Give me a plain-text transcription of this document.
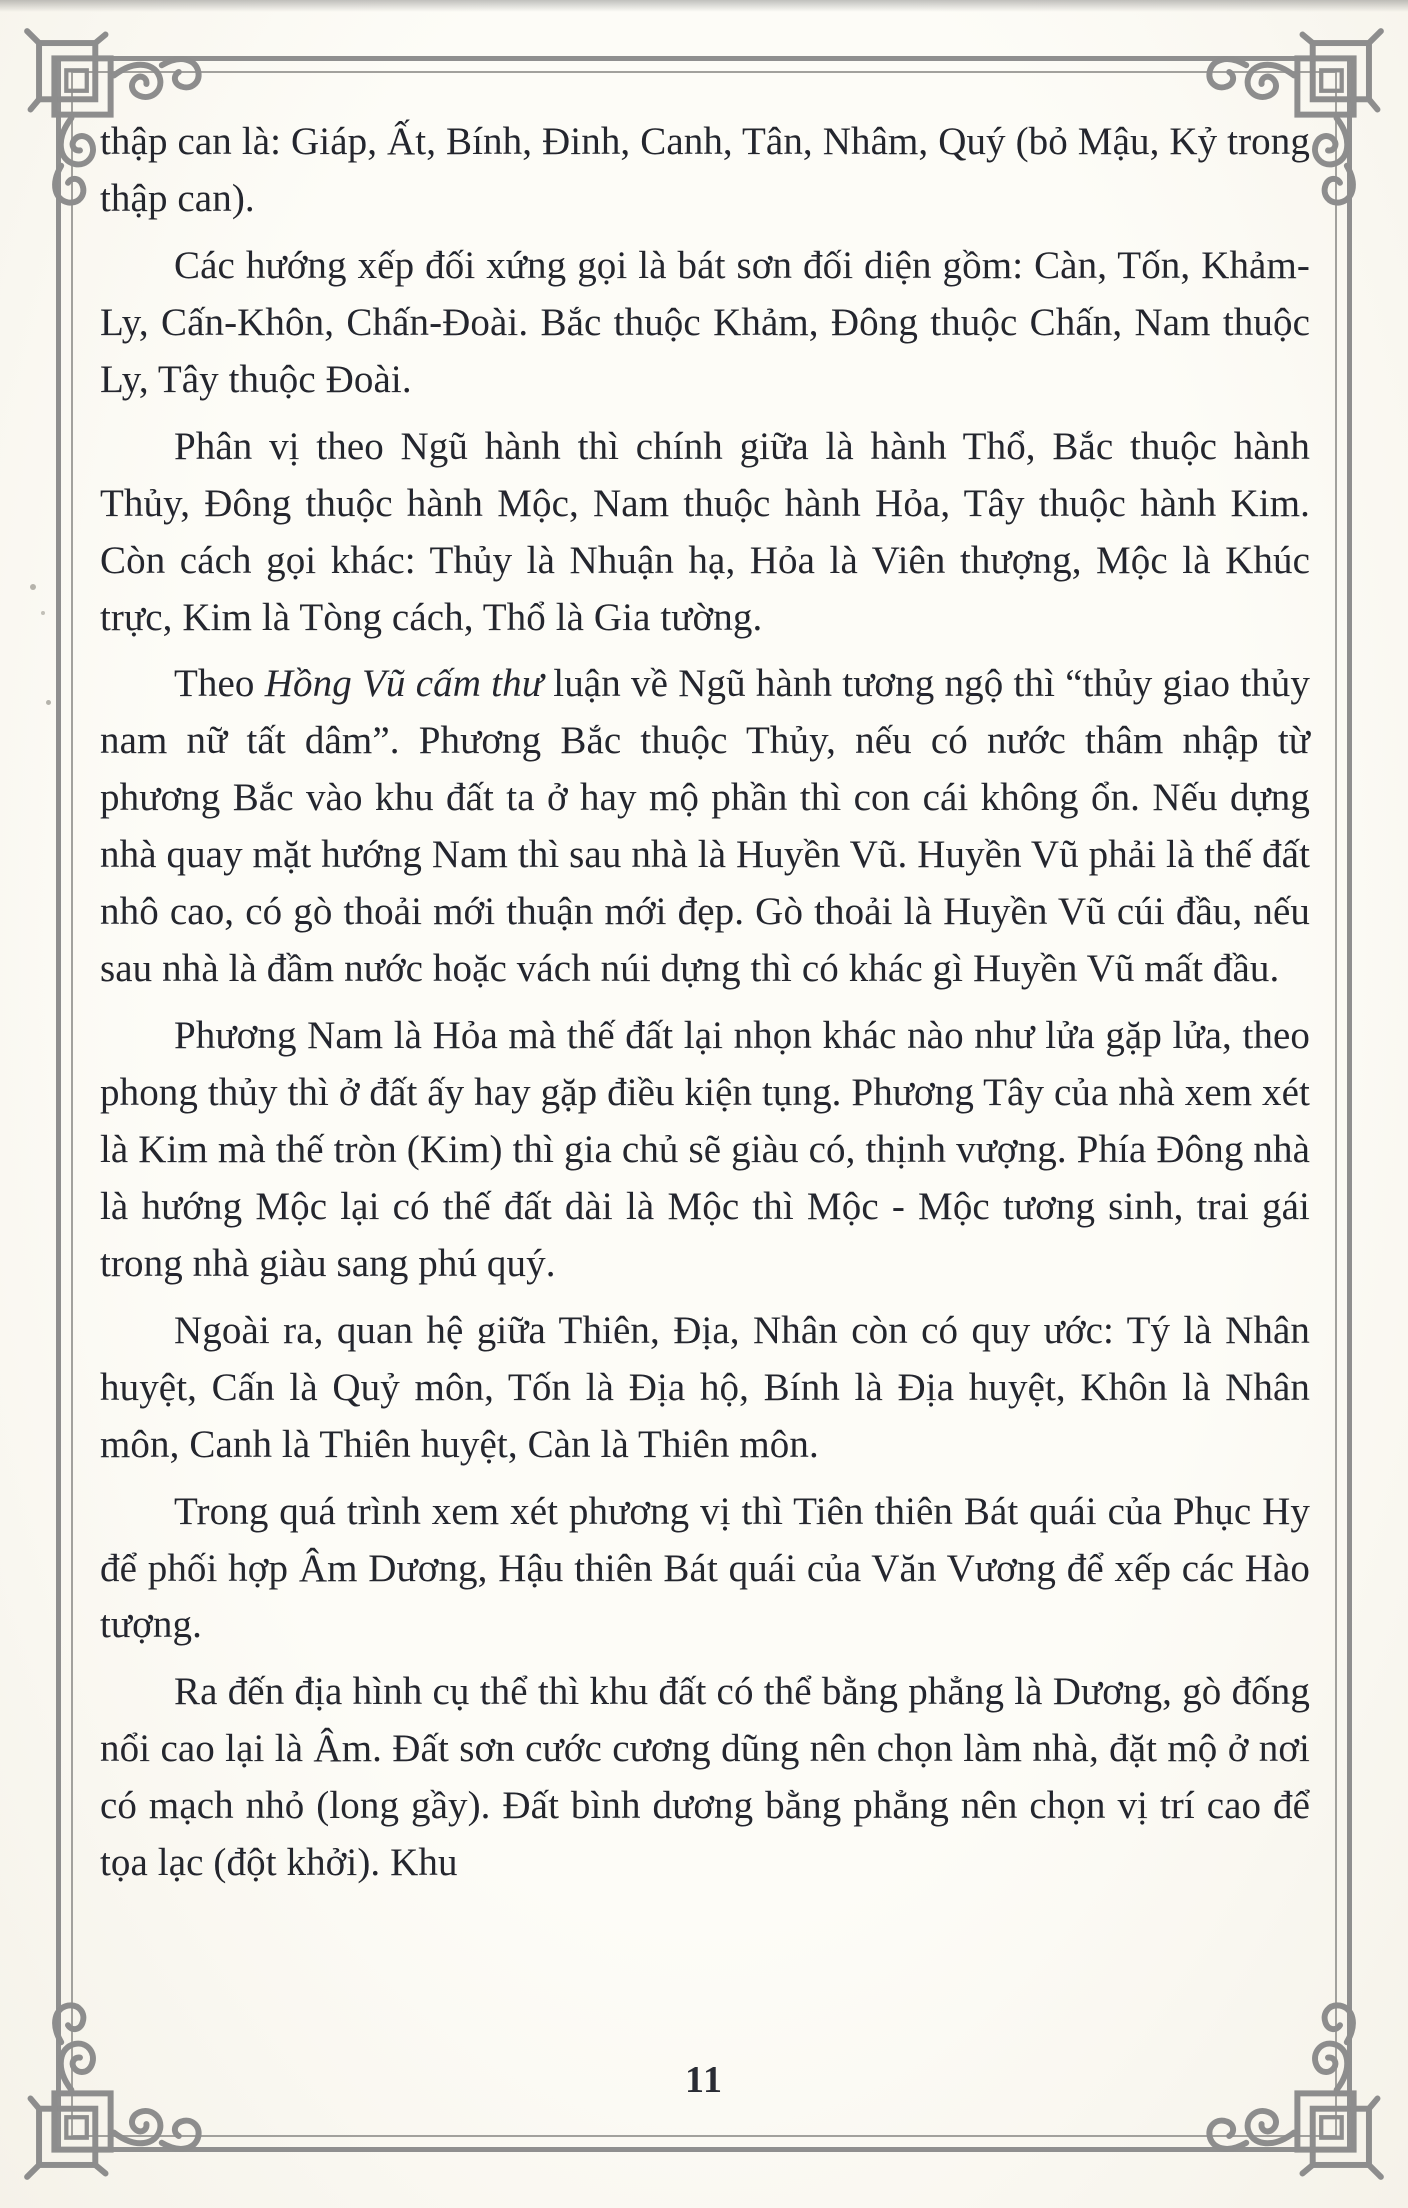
thập can là: Giáp, Ất, Bính, Đinh, Canh, Tân, Nhâm, Quý (bỏ Mậu, Kỷ trong thập can).

Các hướng xếp đối xứng gọi là bát sơn đối diện gồm: Càn, Tốn, Khảm-Ly, Cấn-Khôn, Chấn-Đoài. Bắc thuộc Khảm, Đông thuộc Chấn, Nam thuộc Ly, Tây thuộc Đoài.

Phân vị theo Ngũ hành thì chính giữa là hành Thổ, Bắc thuộc hành Thủy, Đông thuộc hành Mộc, Nam thuộc hành Hỏa, Tây thuộc hành Kim. Còn cách gọi khác: Thủy là Nhuận hạ, Hỏa là Viên thượng, Mộc là Khúc trực, Kim là Tòng cách, Thổ là Gia tường.

Theo Hồng Vũ cấm thư luận về Ngũ hành tương ngộ thì “thủy giao thủy nam nữ tất dâm”. Phương Bắc thuộc Thủy, nếu có nước thâm nhập từ phương Bắc vào khu đất ta ở hay mộ phần thì con cái không ổn. Nếu dựng nhà quay mặt hướng Nam thì sau nhà là Huyền Vũ. Huyền Vũ phải là thế đất nhô cao, có gò thoải mới thuận mới đẹp. Gò thoải là Huyền Vũ cúi đầu, nếu sau nhà là đầm nước hoặc vách núi dựng thì có khác gì Huyền Vũ mất đầu.

Phương Nam là Hỏa mà thế đất lại nhọn khác nào như lửa gặp lửa, theo phong thủy thì ở đất ấy hay gặp điều kiện tụng. Phương Tây của nhà xem xét là Kim mà thế tròn (Kim) thì gia chủ sẽ giàu có, thịnh vượng. Phía Đông nhà là hướng Mộc lại có thế đất dài là Mộc thì Mộc - Mộc tương sinh, trai gái trong nhà giàu sang phú quý.

Ngoài ra, quan hệ giữa Thiên, Địa, Nhân còn có quy ước: Tý là Nhân huyệt, Cấn là Quỷ môn, Tốn là Địa hộ, Bính là Địa huyệt, Khôn là Nhân môn, Canh là Thiên huyệt, Càn là Thiên môn.

Trong quá trình xem xét phương vị thì Tiên thiên Bát quái của Phục Hy để phối hợp Âm Dương, Hậu thiên Bát quái của Văn Vương để xếp các Hào tượng.

Ra đến địa hình cụ thể thì khu đất có thể bằng phẳng là Dương, gò đống nổi cao lại là Âm. Đất sơn cước cương dũng nên chọn làm nhà, đặt mộ ở nơi có mạch nhỏ (long gầy). Đất bình dương bằng phẳng nên chọn vị trí cao để tọa lạc (đột khởi). Khu

11
